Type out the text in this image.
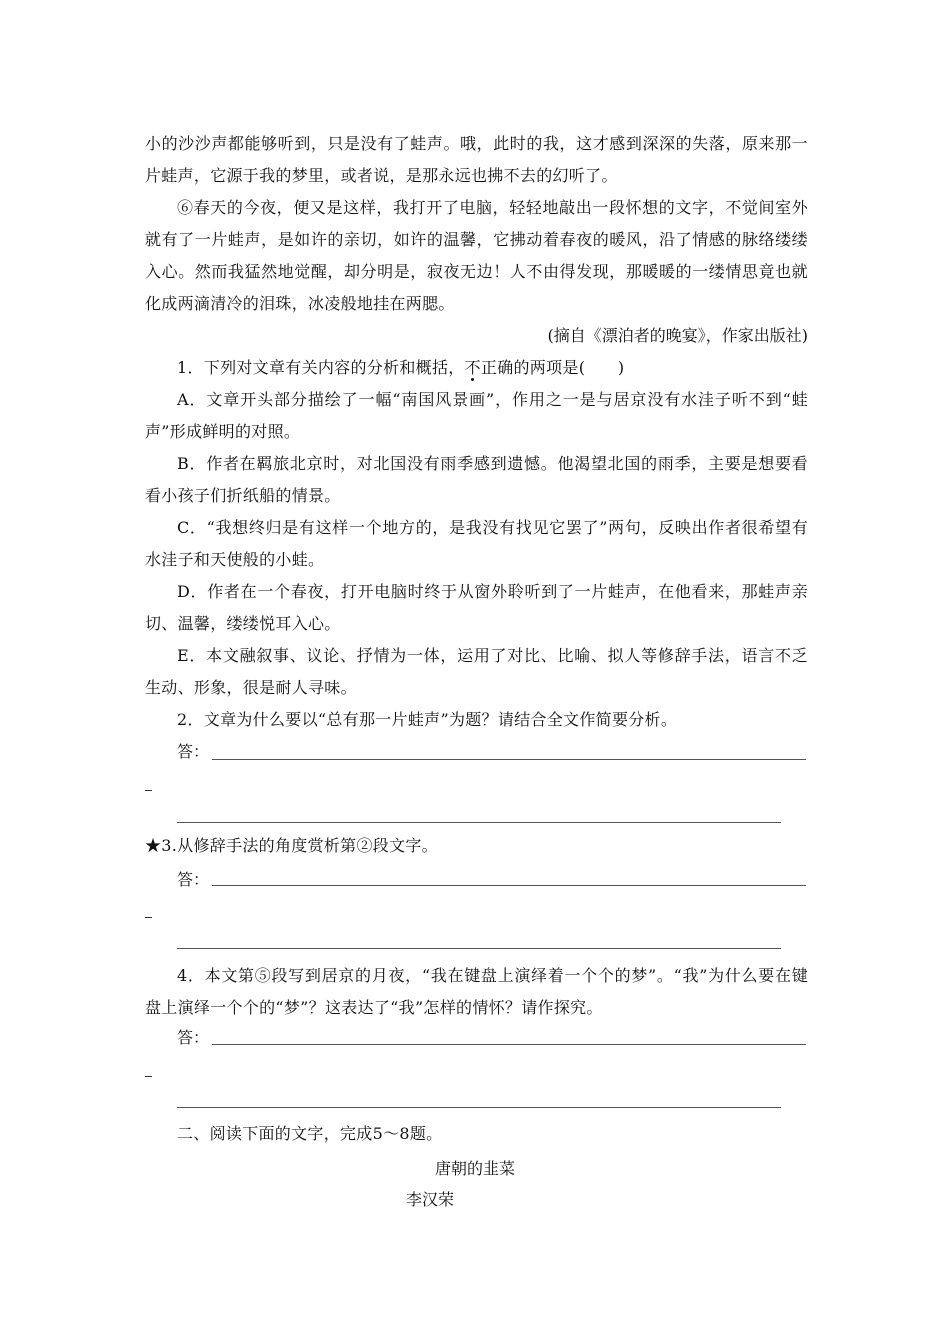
小的沙沙声都能够听到，只是没有了蛙声。哦，此时的我，这才感到深深的失落，原来那一片蛙声，它源于我的梦里，或者说，是那永远也拂不去的幻听了。

⑥春天的今夜，便又是这样，我打开了电脑，轻轻地敲出一段怀想的文字，不觉间室外就有了一片蛙声，是如许的亲切，如许的温馨，它拂动着春夜的暖风，沿了情感的脉络缕缕入心。然而我猛然地觉醒，却分明是，寂夜无边！人不由得发现，那暖暖的一缕情思竟也就化成两滴清冷的泪珠，冰凌般地挂在两腮。

(摘自《漂泊者的晚宴》，作家出版社)

1．下列对文章有关内容的分析和概括，不正确的两项是(　　)

A．文章开头部分描绘了一幅“南国风景画”，作用之一是与居京没有水洼子听不到“蛙声”形成鲜明的对照。

B．作者在羁旅北京时，对北国没有雨季感到遗憾。他渴望北国的雨季，主要是想要看看小孩子们折纸船的情景。

C．“我想终归是有这样一个地方的，是我没有找见它罢了”两句，反映出作者很希望有水洼子和天使般的小蛙。

D．作者在一个春夜，打开电脑时终于从窗外聆听到了一片蛙声，在他看来，那蛙声亲切、温馨，缕缕悦耳入心。

E．本文融叙事、议论、抒情为一体，运用了对比、比喻、拟人等修辞手法，语言不乏生动、形象，很是耐人寻味。

2．文章为什么要以“总有那一片蛙声”为题？请结合全文作简要分析。

答：

★3.从修辞手法的角度赏析第②段文字。

答：

4．本文第⑤段写到居京的月夜，“我在键盘上演绎着一个个的梦”。“我”为什么要在键盘上演绎一个个的“梦”？这表达了“我”怎样的情怀？请作探究。

答：

二、阅读下面的文字，完成5～8题。

唐朝的韭菜
李汉荣
